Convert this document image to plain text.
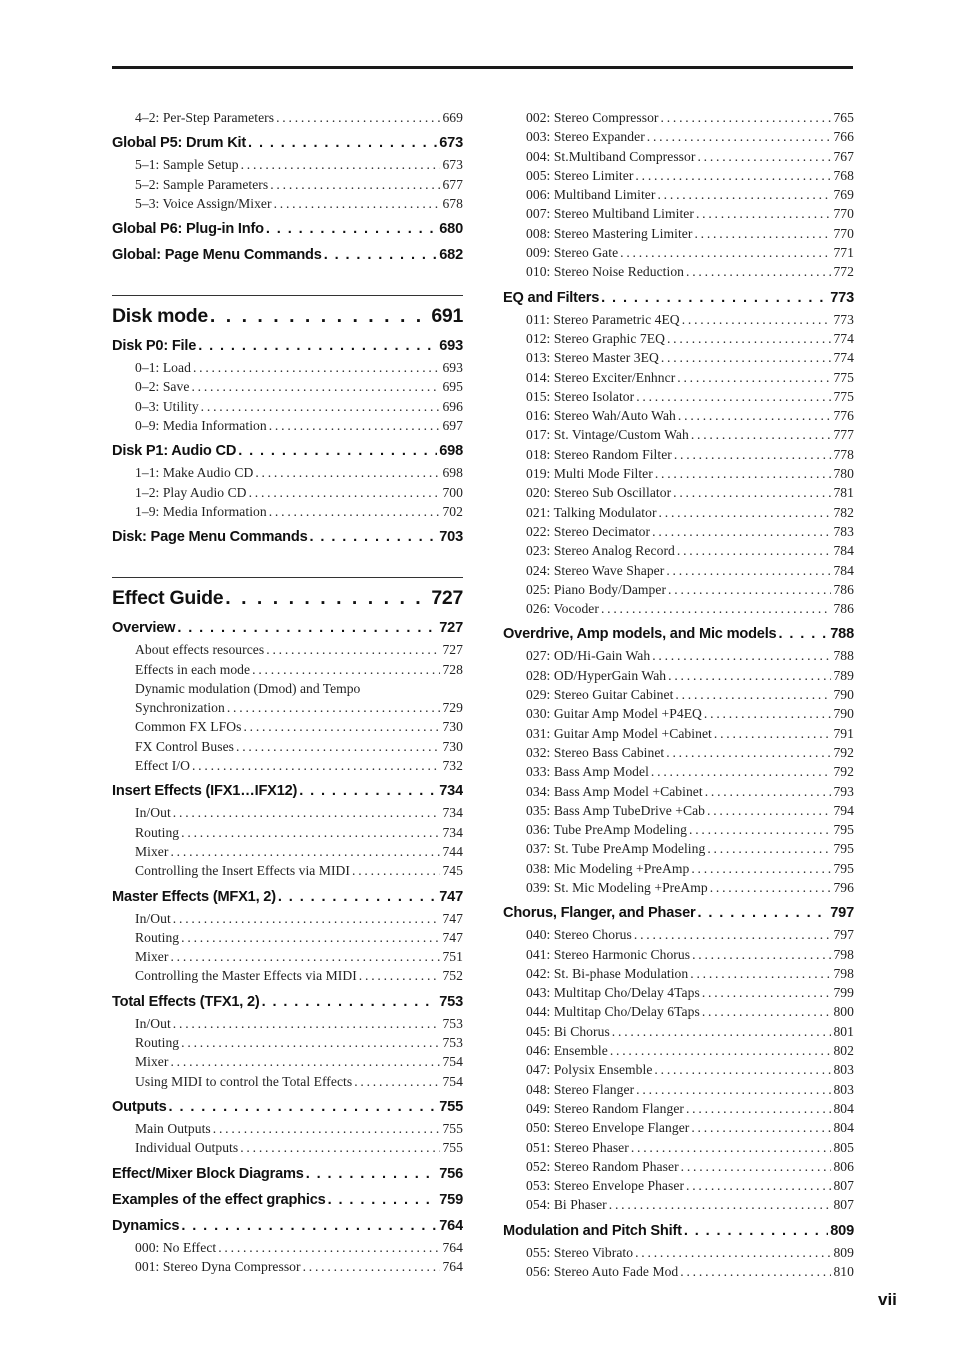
4–2: Per-Step Parameters . . .	669
Global P5: Drum Kit . . .	673
5–1: Sample Setup . . .	673
5–2: Sample Parameters . . .	677
5–3: Voice Assign/Mixer . . .	678
Global P6: Plug-in Info . . .	680
Global: Page Menu Commands . . .	682
Disk mode . . .	691
Disk P0: File . . .	693
0–1: Load . . .	693
0–2: Save . . .	695
0–3: Utility . . .	696
0–9: Media Information . . .	697
Disk P1: Audio CD . . .	698
1–1: Make Audio CD . . .	698
1–2: Play Audio CD . . .	700
1–9: Media Information . . .	702
Disk: Page Menu Commands . . .	703
Effect Guide . . .	727
Overview . . .	727
About effects resources . . .	727
Effects in each mode . . .	728
Dynamic modulation (Dmod) and Tempo
Synchronization . . .	729
Common FX LFOs . . .	730
FX Control Buses . . .	730
Effect I/O . . .	732
Insert Effects (IFX1…IFX12) . . .	734
In/Out . . .	734
Routing . . .	734
Mixer . . .	744
Controlling the Insert Effects via MIDI . . .	745
Master Effects (MFX1, 2) . . .	747
In/Out . . .	747
Routing . . .	747
Mixer . . .	751
Controlling the Master Effects via MIDI . . .	752
Total Effects (TFX1, 2) . . .	753
In/Out . . .	753
Routing . . .	753
Mixer . . .	754
Using MIDI to control the Total Effects . . .	754
Outputs . . .	755
Main Outputs . . .	755
Individual Outputs . . .	755
Effect/Mixer Block Diagrams . . .	756
Examples of the effect graphics . . .	759
Dynamics . . .	764
000: No Effect . . .	764
001: Stereo Dyna Compressor . . .	764
002: Stereo Compressor . . .	765
003: Stereo Expander . . .	766
004: St.Multiband Compressor . . .	767
005: Stereo Limiter . . .	768
006: Multiband Limiter . . .	769
007: Stereo Multiband Limiter . . .	770
008: Stereo Mastering Limiter . . .	770
009: Stereo Gate . . .	771
010: Stereo Noise Reduction . . .	772
EQ and Filters . . .	773
011: Stereo Parametric 4EQ . . .	773
012: Stereo Graphic 7EQ . . .	774
013: Stereo Master 3EQ . . .	774
014: Stereo Exciter/Enhncr . . .	775
015: Stereo Isolator . . .	775
016: Stereo Wah/Auto Wah . . .	776
017: St. Vintage/Custom Wah . . .	777
018: Stereo Random Filter . . .	778
019: Multi Mode Filter . . .	780
020: Stereo Sub Oscillator . . .	781
021: Talking Modulator . . .	782
022: Stereo Decimator . . .	783
023: Stereo Analog Record . . .	784
024: Stereo Wave Shaper . . .	784
025: Piano Body/Damper . . .	786
026: Vocoder . . .	786
Overdrive, Amp models, and Mic models . . .	788
027: OD/Hi-Gain Wah . . .	788
028: OD/HyperGain Wah . . .	789
029: Stereo Guitar Cabinet . . .	790
030: Guitar Amp Model +P4EQ . . .	790
031: Guitar Amp Model +Cabinet . . .	791
032: Stereo Bass Cabinet . . .	792
033: Bass Amp Model . . .	792
034: Bass Amp Model +Cabinet . . .	793
035: Bass Amp TubeDrive +Cab . . .	794
036: Tube PreAmp Modeling . . .	795
037: St. Tube PreAmp Modeling . . .	795
038: Mic Modeling +PreAmp . . .	795
039: St. Mic Modeling +PreAmp . . .	796
Chorus, Flanger, and Phaser . . .	797
040: Stereo Chorus . . .	797
041: Stereo Harmonic Chorus . . .	798
042: St. Bi-phase Modulation . . .	798
043: Multitap Cho/Delay 4Taps . . .	799
044: Multitap Cho/Delay 6Taps . . .	800
045: Bi Chorus . . .	801
046: Ensemble . . .	802
047: Polysix Ensemble . . .	803
048: Stereo Flanger . . .	803
049: Stereo Random Flanger . . .	804
050: Stereo Envelope Flanger . . .	804
051: Stereo Phaser . . .	805
052: Stereo Random Phaser . . .	806
053: Stereo Envelope Phaser . . .	807
054: Bi Phaser . . .	807
Modulation and Pitch Shift . . .	809
055: Stereo Vibrato . . .	809
056: Stereo Auto Fade Mod . . .	810
vii
